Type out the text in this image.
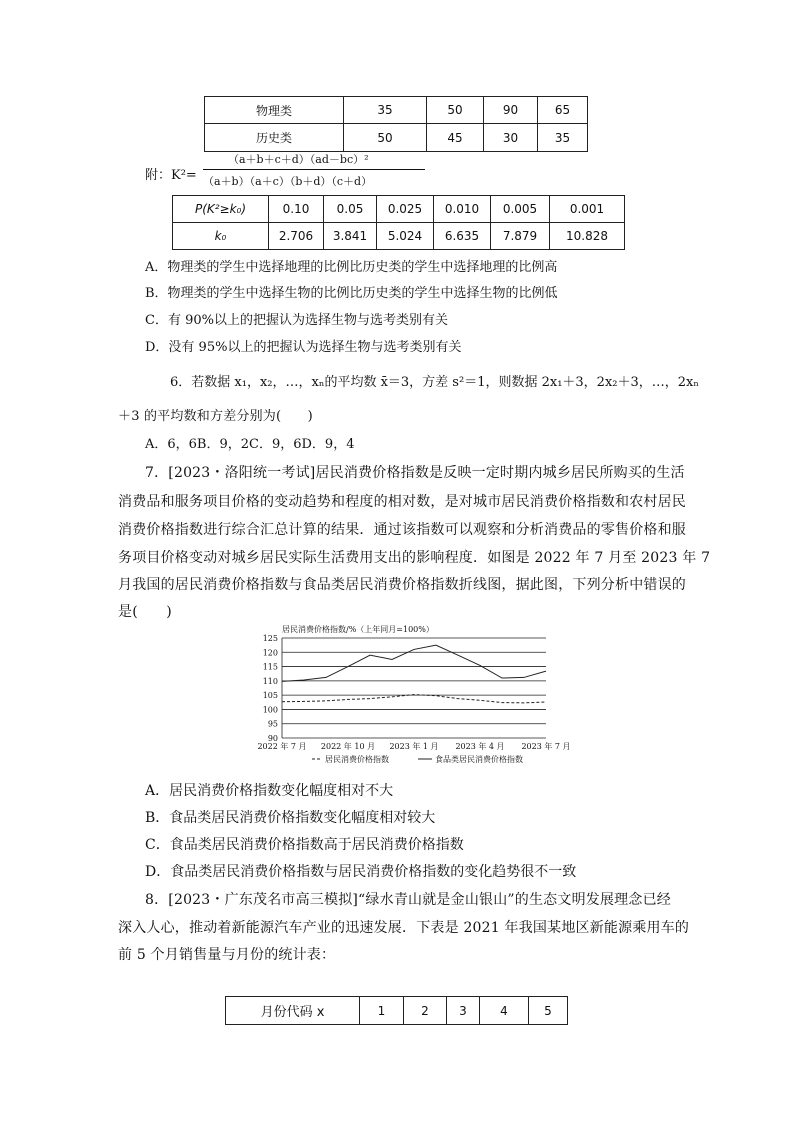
物理类	35	50	90	65
历史类	50	45	30	35
附：K²=
（a＋b＋c＋d）（ad－bc）²
（a＋b）（a＋c）（b＋d）（c＋d）
P(K²≥k₀)	0.10	0.05	0.025	0.010	0.005	0.001
k₀	2.706	3.841	5.024	6.635	7.879	10.828
A．物理类的学生中选择地理的比例比历史类的学生中选择地理的比例高
B．物理类的学生中选择生物的比例比历史类的学生中选择生物的比例低
C．有 90%以上的把握认为选择生物与选考类别有关
D．没有 95%以上的把握认为选择生物与选考类别有关
6．若数据 x₁，x₂，…，xₙ的平均数 x̄＝3，方差 s²＝1，则数据 2x₁＋3，2x₂＋3，…，2xₙ
＋3 的平均数和方差分别为(　　)
A．6，6B．9，2C．9，6D．9，4
7．[2023・洛阳统一考试]居民消费价格指数是反映一定时期内城乡居民所购买的生活
消费品和服务项目价格的变动趋势和程度的相对数，是对城市居民消费价格指数和农村居民
消费价格指数进行综合汇总计算的结果．通过该指数可以观察和分析消费品的零售价格和服
务项目价格变动对城乡居民实际生活费用支出的影响程度．如图是 2022 年 7 月至 2023 年 7
月我国的居民消费价格指数与食品类居民消费价格指数折线图，据此图，下列分析中错误的
是(　　)
居民消费价格指数/%（上年同月=100%）
125
120
115
110
105
100
95
90
2022 年 7 月 2022 年 10 月 2023 年 1 月 2023 年 4 月 2023 年 7 月
居民消费价格指数	食品类居民消费价格指数
A．居民消费价格指数变化幅度相对不大
B．食品类居民消费价格指数变化幅度相对较大
C．食品类居民消费价格指数高于居民消费价格指数
D．食品类居民消费价格指数与居民消费价格指数的变化趋势很不一致
8．[2023・广东茂名市高三模拟]“绿水青山就是金山银山”的生态文明发展理念已经
深入人心，推动着新能源汽车产业的迅速发展．下表是 2021 年我国某地区新能源乘用车的
前 5 个月销售量与月份的统计表：
月份代码 x	1	2	3	4	5
